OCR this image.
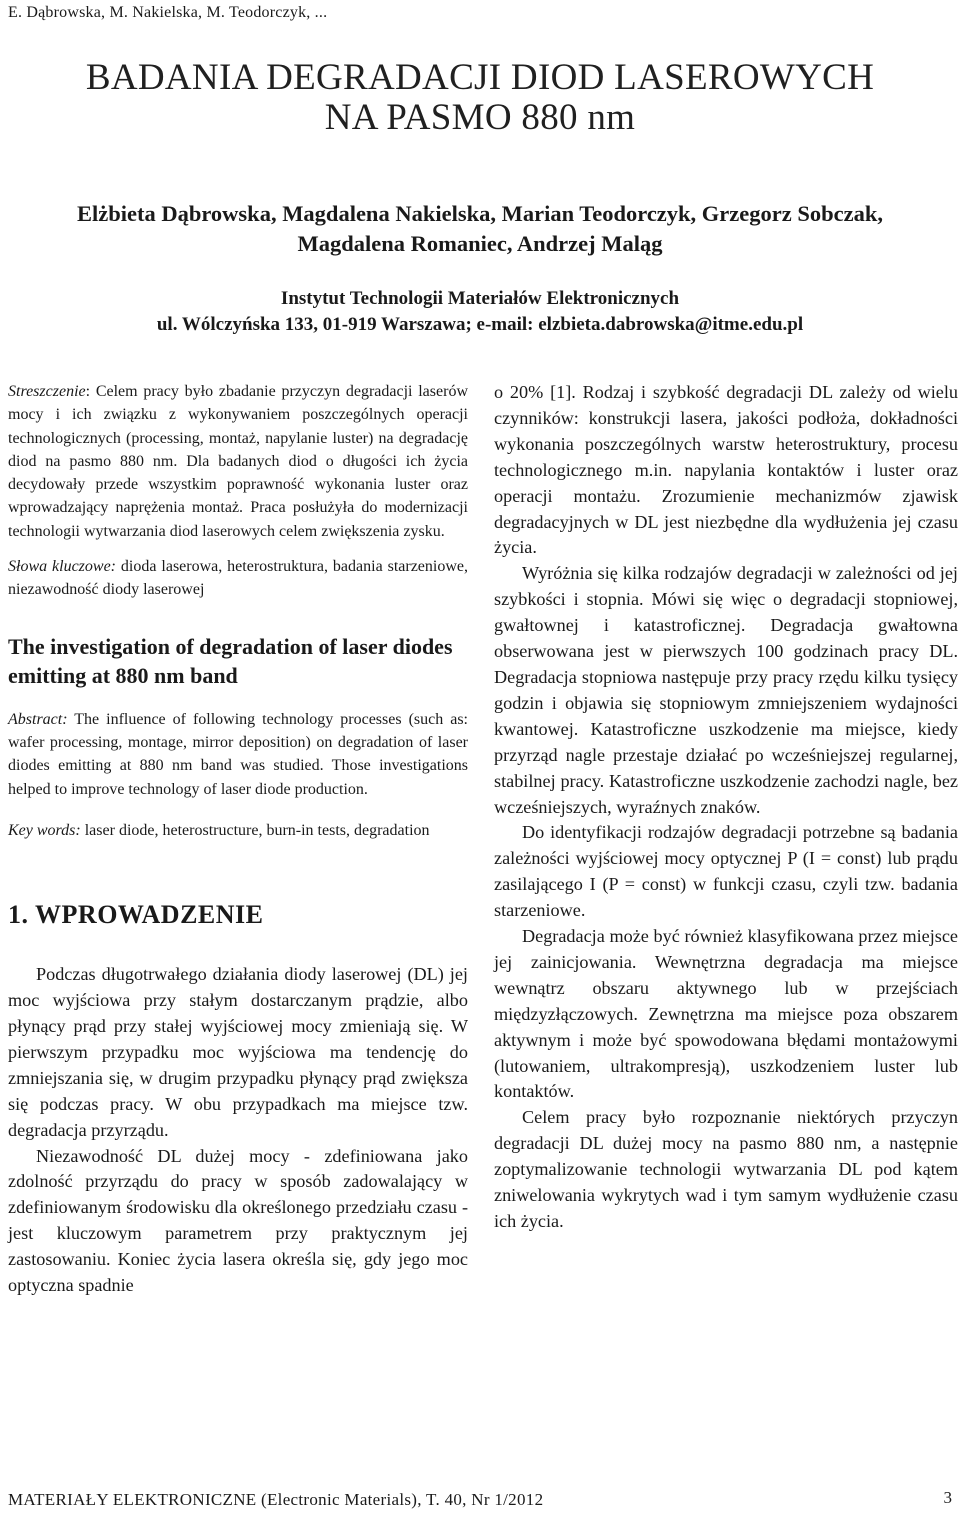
E. Dąbrowska, M. Nakielska, M. Teodorczyk, ...
BADANIA DEGRADACJI DIOD LASEROWYCH
NA PASMO 880 nm
Elżbieta Dąbrowska, Magdalena Nakielska, Marian Teodorczyk, Grzegorz Sobczak,
Magdalena Romaniec, Andrzej Maląg
Instytut Technologii Materiałów Elektronicznych
ul. Wólczyńska 133, 01-919 Warszawa; e-mail: elzbieta.dabrowska@itme.edu.pl

Streszczenie: Celem pracy było zbadanie przyczyn degradacji laserów mocy i ich związku z wykonywaniem poszczególnych operacji technologicznych (processing, montaż, napylanie luster) na degradację diod na pasmo 880 nm. Dla badanych diod o długości ich życia decydowały przede wszystkim poprawność wykonania luster oraz wprowadzający naprężenia montaż. Praca posłużyła do modernizacji technologii wytwarzania diod laserowych celem zwiększenia zysku.

Słowa kluczowe: dioda laserowa, heterostruktura, badania starzeniowe, niezawodność diody laserowej

The investigation of degradation of laser diodes emitting at 880 nm band

Abstract: The influence of following technology processes (such as: wafer processing, montage, mirror deposition) on degradation of laser diodes emitting at 880 nm band was studied. Those investigations helped to improve technology of laser diode production.

Key words: laser diode, heterostructure, burn-in tests, degradation

1. WPROWADZENIE

Podczas długotrwałego działania diody laserowej (DL) jej moc wyjściowa przy stałym dostarczanym prądzie, albo płynący prąd przy stałej wyjściowej mocy zmieniają się. W pierwszym przypadku moc wyjściowa ma tendencję do zmniejszania się, w drugim przypadku płynący prąd zwiększa się podczas pracy. W obu przypadkach ma miejsce tzw. degradacja przyrządu.

Niezawodność DL dużej mocy - zdefiniowana jako zdolność przyrządu do pracy w sposób zadowalający w zdefiniowanym środowisku dla określonego przedziału czasu - jest kluczowym parametrem przy praktycznym jej zastosowaniu. Koniec życia lasera określa się, gdy jego moc optyczna spadnie

o 20% [1]. Rodzaj i szybkość degradacji DL zależy od wielu czynników: konstrukcji lasera, jakości podłoża, dokładności wykonania poszczególnych warstw heterostruktury, procesu technologicznego m.in. napylania kontaktów i luster oraz operacji montażu. Zrozumienie mechanizmów zjawisk degradacyjnych w DL jest niezbędne dla wydłużenia jej czasu życia.

Wyróżnia się kilka rodzajów degradacji w zależności od jej szybkości i stopnia. Mówi się więc o degradacji stopniowej, gwałtownej i katastroficznej. Degradacja gwałtowna obserwowana jest w pierwszych 100 godzinach pracy DL. Degradacja stopniowa następuje przy pracy rzędu kilku tysięcy godzin i objawia się stopniowym zmniejszeniem wydajności kwantowej. Katastroficzne uszkodzenie ma miejsce, kiedy przyrząd nagle przestaje działać po wcześniejszej regularnej, stabilnej pracy. Katastroficzne uszkodzenie zachodzi nagle, bez wcześniejszych, wyraźnych znaków.

Do identyfikacji rodzajów degradacji potrzebne są badania zależności wyjściowej mocy optycznej P (I = const) lub prądu zasilającego I (P = const) w funkcji czasu, czyli tzw. badania starzeniowe.

Degradacja może być również klasyfikowana przez miejsce jej zainicjowania. Wewnętrzna degradacja ma miejsce wewnątrz obszaru aktywnego lub w przejściach międzyzłączowych. Zewnętrzna ma miejsce poza obszarem aktywnym i może być spowodowana błędami montażowymi (lutowaniem, ultrakompresją), uszkodzeniem luster lub kontaktów.

Celem pracy było rozpoznanie niektórych przyczyn degradacji DL dużej mocy na pasmo 880 nm, a następnie zoptymalizowanie technologii wytwarzania DL pod kątem zniwelowania wykrytych wad i tym samym wydłużenie czasu ich życia.

MATERIAŁY ELEKTRONICZNE (Electronic Materials), T. 40, Nr 1/2012	3
